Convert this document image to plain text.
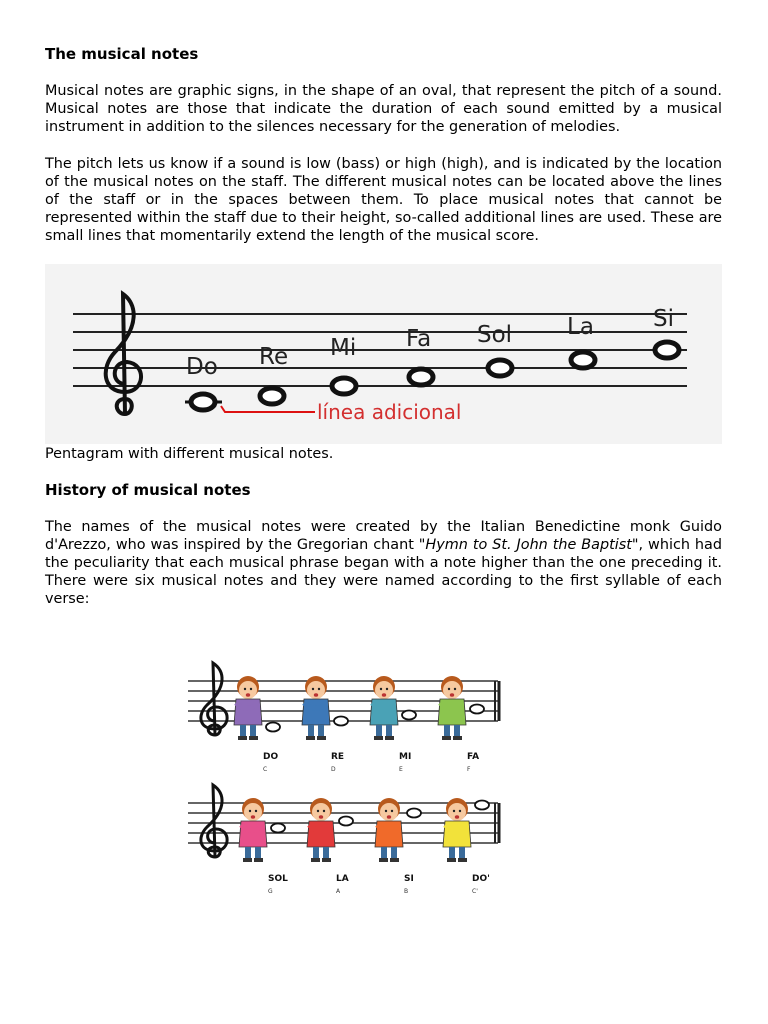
The musical notes

Musical notes are graphic signs, in the shape of an oval, that represent the pitch of a sound. Musical notes are those that indicate the duration of each sound emitted by a musical instrument in addition to the silences necessary for the generation of melodies.

The pitch lets us know if a sound is low (bass) or high (high), and is indicated by the location of the musical notes on the staff. The different musical notes can be located above the lines of the staff or in the spaces between them. To place musical notes that cannot be represented within the staff due to their height, so-called additional lines are used. These are small lines that momentarily extend the length of the musical score.

Do Re Mi Fa Sol La	Si
línea adicional

Pentagram with different musical notes.

History of musical notes

The names of the musical notes were created by the Italian Benedictine monk Guido d'Arezzo, who was inspired by the Gregorian chant "Hymn to St. John the Baptist", which had the peculiarity that each musical phrase began with a note higher than the one preceding it. There were six musical notes and they were named according to the first syllable of each verse:

DO
C
RE
D
MI
E
FA
F
SOL
G
LA
A
SI
B
DO'
C'
